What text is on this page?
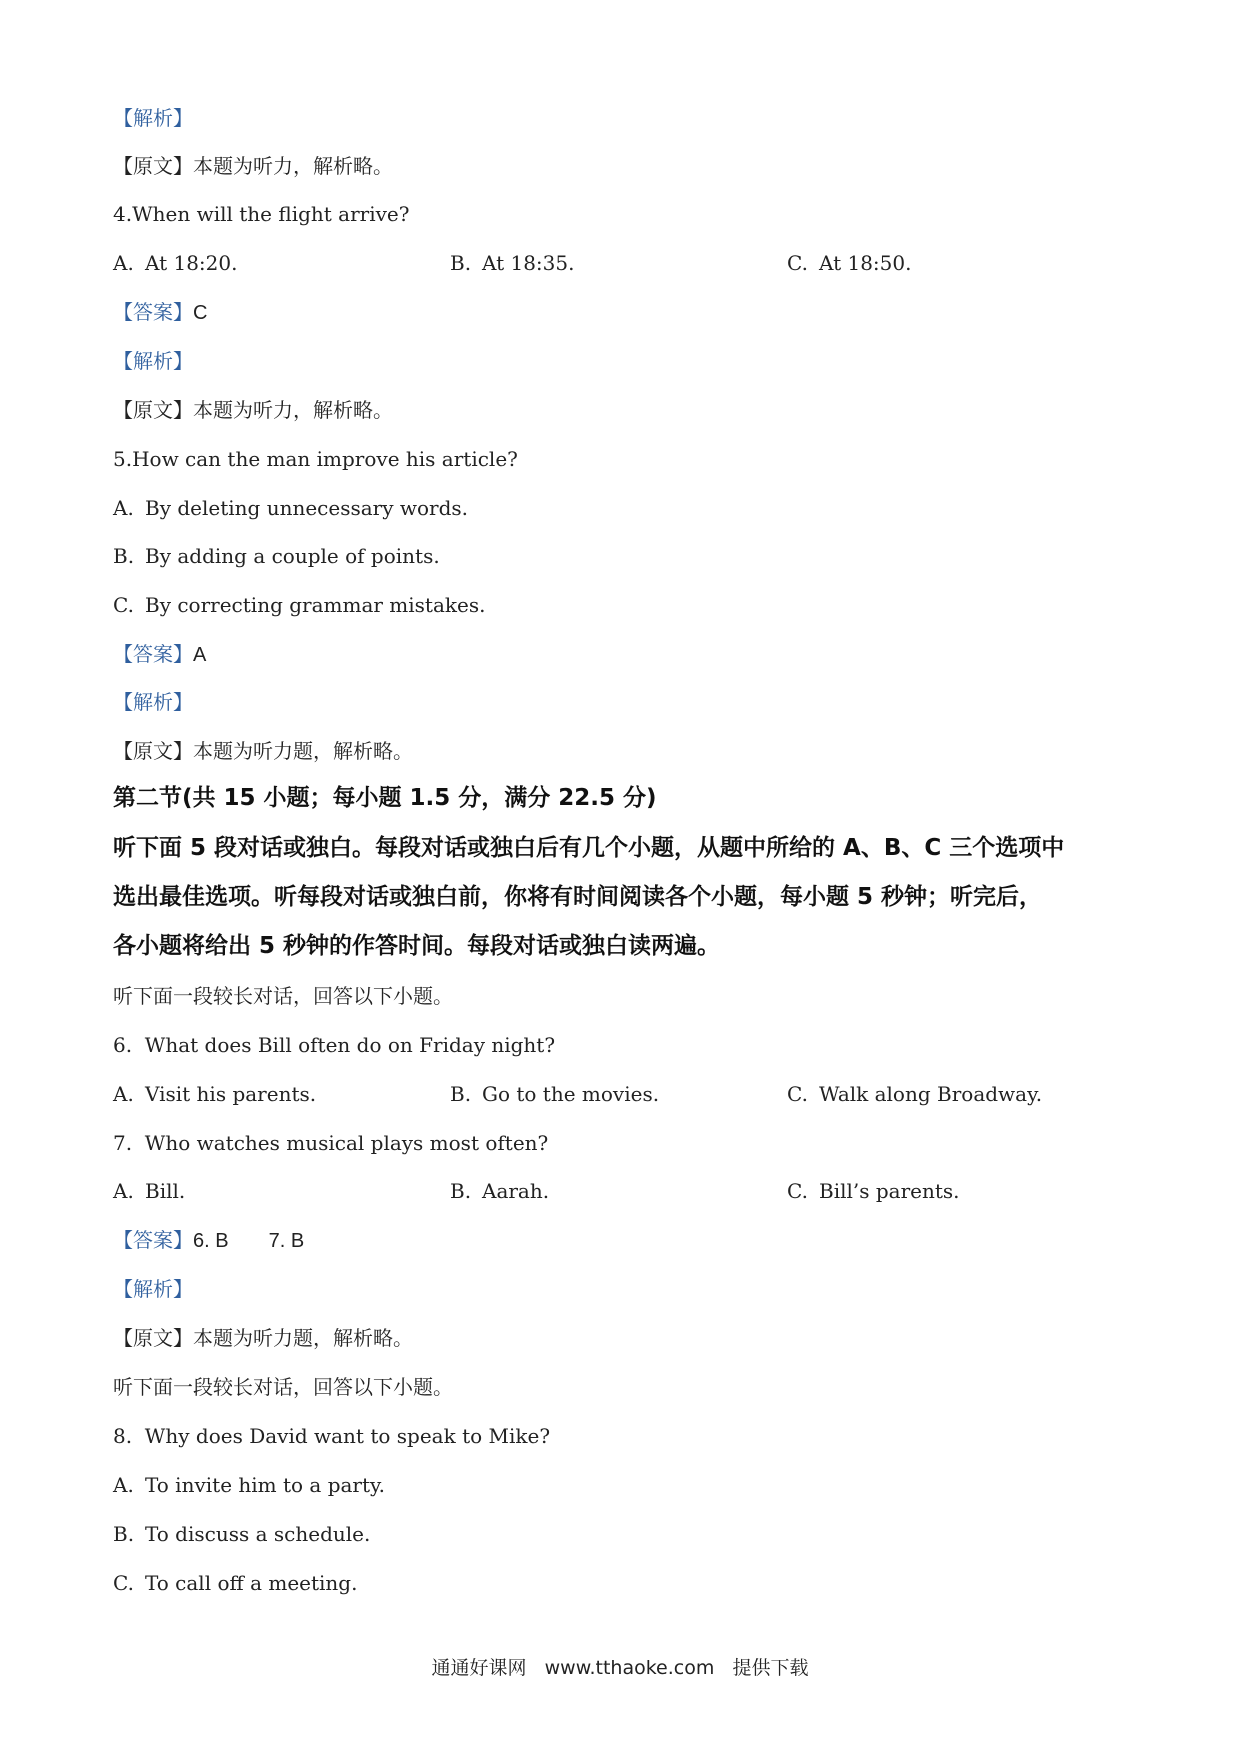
【解析】
【原文】本题为听力，解析略。
4.When will the flight arrive?
A. At 18:20.	B. At 18:35.	C. At 18:50.
【答案】C
【解析】
【原文】本题为听力，解析略。
5.How can the man improve his article?
A. By deleting unnecessary words.
B. By adding a couple of points.
C. By correcting grammar mistakes.
【答案】A
【解析】
【原文】本题为听力题，解析略。
第二节(共 15 小题；每小题 1.5 分，满分 22.5 分)
听下面 5 段对话或独白。每段对话或独白后有几个小题，从题中所给的 A、B、C 三个选项中
选出最佳选项。听每段对话或独白前，你将有时间阅读各个小题，每小题 5 秒钟；听完后，
各小题将给出 5 秒钟的作答时间。每段对话或独白读两遍。
听下面一段较长对话，回答以下小题。
6.  What does Bill often do on Friday night?
A. Visit his parents.	B. Go to the movies.	C. Walk along Broadway.
7.  Who watches musical plays most often?
A. Bill.	B. Aarah.	C. Bill’s parents.
【答案】6. B 7. B
【解析】
【原文】本题为听力题，解析略。
听下面一段较长对话，回答以下小题。
8.  Why does David want to speak to Mike?
A. To invite him to a party.
B. To discuss a schedule.
C. To call off a meeting.
通通好课网 www.tthaoke.com 提供下载
